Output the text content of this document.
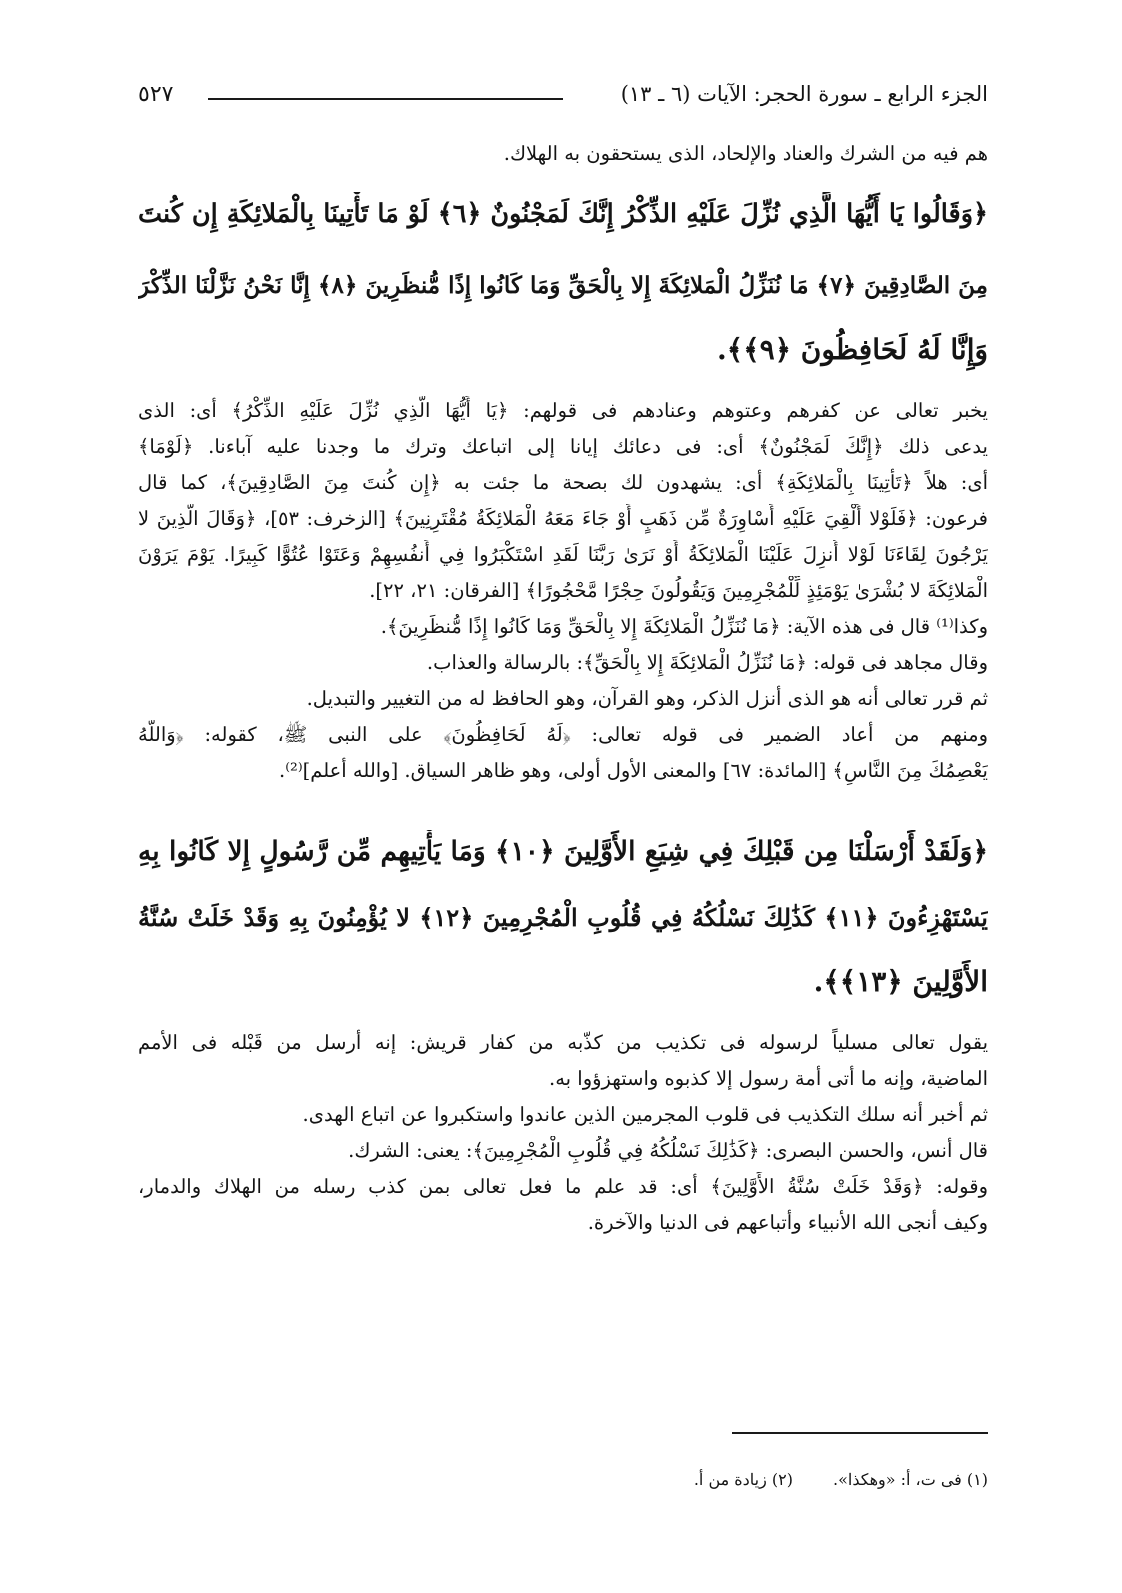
الجزء الرابع ـ سورة الحجر: الآيات (٦ ـ ١٣)
٥٢٧
هم فيه من الشرك والعناد والإلحاد، الذى يستحقون به الهلاك.
﴿وَقَالُوا يَا أَيُّهَا الَّذِي نُزِّلَ عَلَيْهِ الذِّكْرُ إِنَّكَ لَمَجْنُونٌ ﴿٦﴾ لَوْ مَا تَأْتِينَا بِالْمَلائِكَةِ إِن كُنتَ
مِنَ الصَّادِقِينَ ﴿٧﴾ مَا نُنَزِّلُ الْمَلائِكَةَ إِلا بِالْحَقِّ وَمَا كَانُوا إِذًا مُّنظَرِينَ ﴿٨﴾ إِنَّا نَحْنُ نَزَّلْنَا الذِّكْرَ
وَإِنَّا لَهُ لَحَافِظُونَ ﴿٩﴾﴾.
يخبر تعالى عن كفرهم وعتوهم وعنادهم فى قولهم: ﴿يَا أَيُّهَا الَّذِي نُزِّلَ عَلَيْهِ الذِّكْرُ﴾ أى: الذى
يدعى ذلك ﴿إِنَّكَ لَمَجْنُونٌ﴾ أى: فى دعائك إيانا إلى اتباعك وترك ما وجدنا عليه آباءنا. ﴿لَوْمَا﴾
أى: هلاً ﴿تَأْتِينَا بِالْمَلائِكَةِ﴾ أى: يشهدون لك بصحة ما جئت به ﴿إِن كُنتَ مِنَ الصَّادِقِينَ﴾، كما قال
فرعون: ﴿فَلَوْلا أُلْقِيَ عَلَيْهِ أَسْاوِرَةٌ مِّن ذَهَبٍ أَوْ جَاءَ مَعَهُ الْمَلائِكَةُ مُقْتَرِنِينَ﴾ [الزخرف: ٥٣]، ﴿وَقَالَ الَّذِينَ لا
يَرْجُونَ لِقَاءَنَا لَوْلا أُنزِلَ عَلَيْنَا الْمَلائِكَةُ أَوْ نَرَىٰ رَبَّنَا لَقَدِ اسْتَكْبَرُوا فِي أَنفُسِهِمْ وَعَتَوْا عُتُوًّا كَبِيرًا. يَوْمَ يَرَوْنَ
الْمَلائِكَةَ لا بُشْرَىٰ يَوْمَئِذٍ لِّلْمُجْرِمِينَ وَيَقُولُونَ حِجْرًا مَّحْجُورًا﴾ [الفرقان: ٢١، ٢٢].
وكذا⁽¹⁾ قال فى هذه الآية: ﴿مَا نُنَزِّلُ الْمَلائِكَةَ إِلا بِالْحَقِّ وَمَا كَانُوا إِذًا مُّنظَرِينَ﴾.
وقال مجاهد فى قوله: ﴿مَا نُنَزِّلُ الْمَلائِكَةَ إِلا بِالْحَقِّ﴾: بالرسالة والعذاب.
ثم قرر تعالى أنه هو الذى أنزل الذكر، وهو القرآن، وهو الحافظ له من التغيير والتبديل.
ومنهم من أعاد الضمير فى قوله تعالى: ﴿لَهُ لَحَافِظُونَ﴾ على النبى ﷺ، كقوله: ﴿وَاللَّهُ
يَعْصِمُكَ مِنَ النَّاسِ﴾ [المائدة: ٦٧] والمعنى الأول أولى، وهو ظاهر السياق. [والله أعلم]⁽²⁾.
﴿وَلَقَدْ أَرْسَلْنَا مِن قَبْلِكَ فِي شِيَعِ الأَوَّلِينَ ﴿١٠﴾ وَمَا يَأْتِيهِم مِّن رَّسُولٍ إِلا كَانُوا بِهِ
يَسْتَهْزِءُونَ ﴿١١﴾ كَذَٰلِكَ نَسْلُكُهُ فِي قُلُوبِ الْمُجْرِمِينَ ﴿١٢﴾ لا يُؤْمِنُونَ بِهِ وَقَدْ خَلَتْ سُنَّةُ
الأَوَّلِينَ ﴿١٣﴾﴾.
يقول تعالى مسلياً لرسوله فى تكذيب من كذّبه من كفار قريش: إنه أرسل من قَبْله فى الأمم
الماضية، وإنه ما أتى أمة رسول إلا كذبوه واستهزؤوا به.
ثم أخبر أنه سلك التكذيب فى قلوب المجرمين الذين عاندوا واستكبروا عن اتباع الهدى.
قال أنس، والحسن البصرى: ﴿كَذَٰلِكَ نَسْلُكُهُ فِي قُلُوبِ الْمُجْرِمِينَ﴾: يعنى: الشرك.
وقوله: ﴿وَقَدْ خَلَتْ سُنَّةُ الأَوَّلِينَ﴾ أى: قد علم ما فعل تعالى بمن كذب رسله من الهلاك والدمار،
وكيف أنجى الله الأنبياء وأتباعهم فى الدنيا والآخرة.
(١) فى ت، أ: «وهكذا».(٢) زيادة من أ.
